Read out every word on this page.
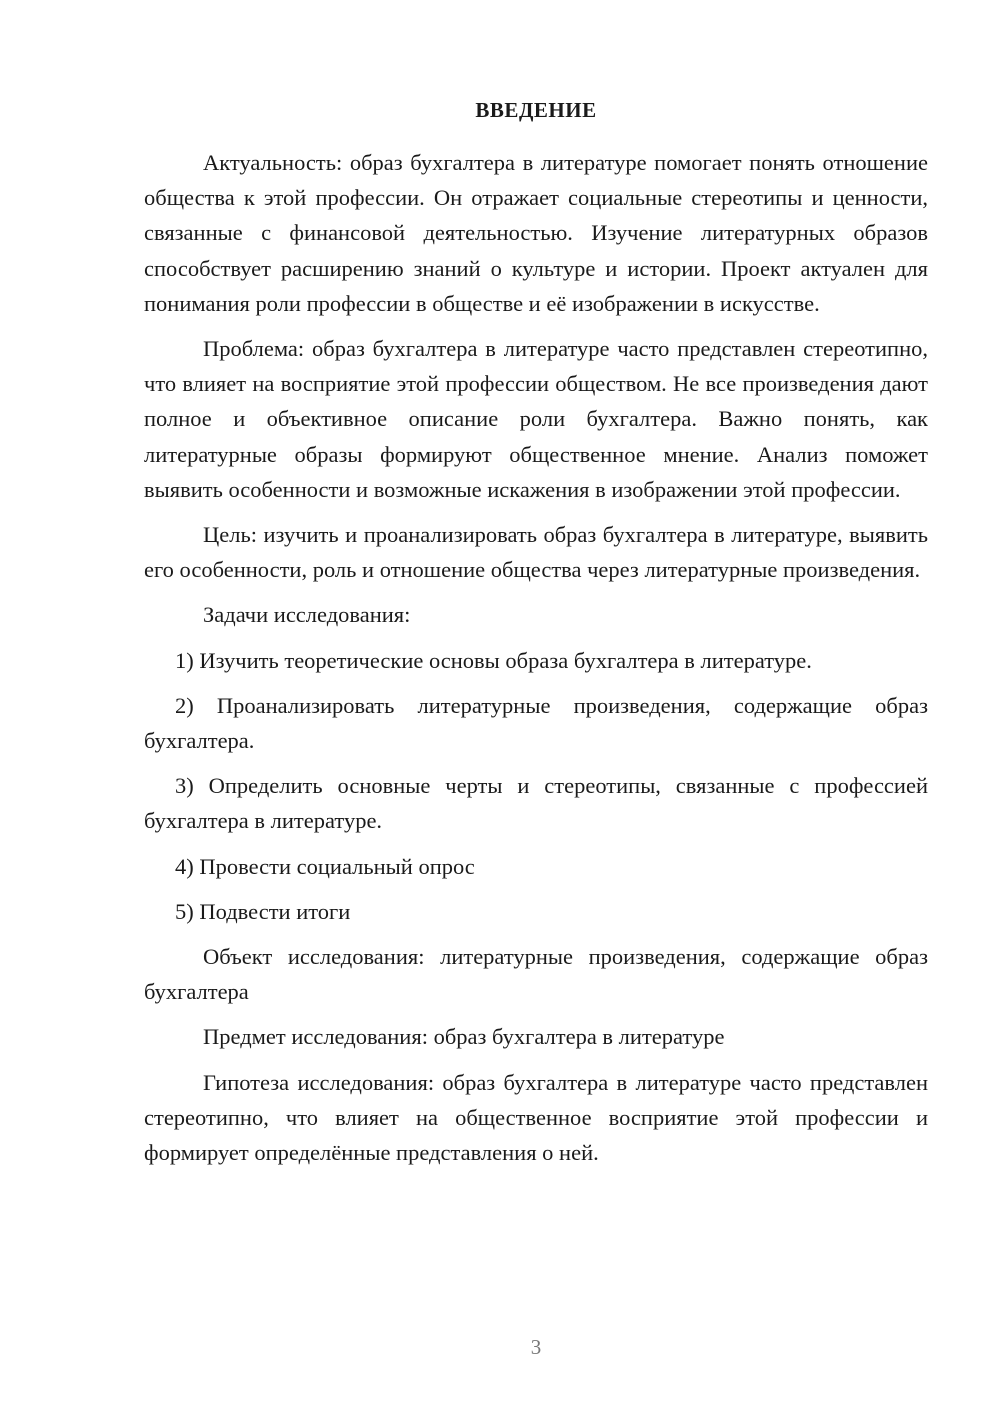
ВВЕДЕНИЕ

Актуальность: образ бухгалтера в литературе помогает понять отношение общества к этой профессии. Он отражает социальные стереотипы и ценности, связанные с финансовой деятельностью. Изучение литературных образов способствует расширению знаний о культуре и истории. Проект актуален для понимания роли профессии в обществе и её изображении в искусстве.

Проблема: образ бухгалтера в литературе часто представлен стереотипно, что влияет на восприятие этой профессии обществом. Не все произведения дают полное и объективное описание роли бухгалтера. Важно понять, как литературные образы формируют общественное мнение. Анализ поможет выявить особенности и возможные искажения в изображении этой профессии.

Цель: изучить и проанализировать образ бухгалтера в литературе, выявить его особенности, роль и отношение общества через литературные произведения.

Задачи исследования:

1) Изучить теоретические основы образа бухгалтера в литературе.

2) Проанализировать литературные произведения, содержащие образ бухгалтера.

3) Определить основные черты и стереотипы, связанные с профессией бухгалтера в литературе.

4) Провести социальный опрос

5) Подвести итоги

Объект исследования: литературные произведения, содержащие образ бухгалтера

Предмет исследования: образ бухгалтера в литературе

Гипотеза исследования: образ бухгалтера в литературе часто представлен стереотипно, что влияет на общественное восприятие этой профессии и формирует определённые представления о ней.

3
